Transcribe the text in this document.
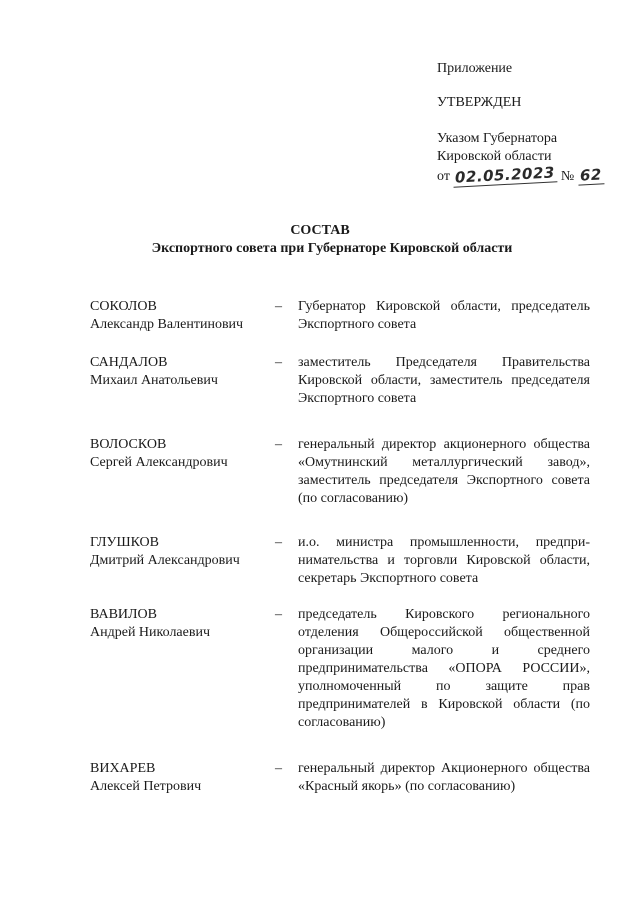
Приложение
УТВЕРЖДЕН
Указом Губернатора
Кировской области
от 02.05.2023 № 62
СОСТАВ
Экспортного совета при Губернаторе Кировской области
СОКОЛОВ
Александр Валентинович
– Губернатор Кировской области, председатель Экспортного совета
САНДАЛОВ
Михаил Анатольевич
– заместитель Председателя Правительства Кировской области, заместитель председателя Экспортного совета
ВОЛОСКОВ
Сергей Александрович
– генеральный директор акционерного общества «Омутнинский металлургический завод», заместитель председателя Экспортного совета (по согласованию)
ГЛУШКОВ
Дмитрий Александрович
– и.о. министра промышленности, предпринимательства и торговли Кировской области, секретарь Экспортного совета
ВАВИЛОВ
Андрей Николаевич
– председатель Кировского регионального отделения Общероссийской общественной организации малого и среднего предпринимательства «ОПОРА РОССИИ», уполномоченный по защите прав предпринимателей в Кировской области (по согласованию)
ВИХАРЕВ
Алексей Петрович
– генеральный директор Акционерного общества «Красный якорь» (по согласованию)
